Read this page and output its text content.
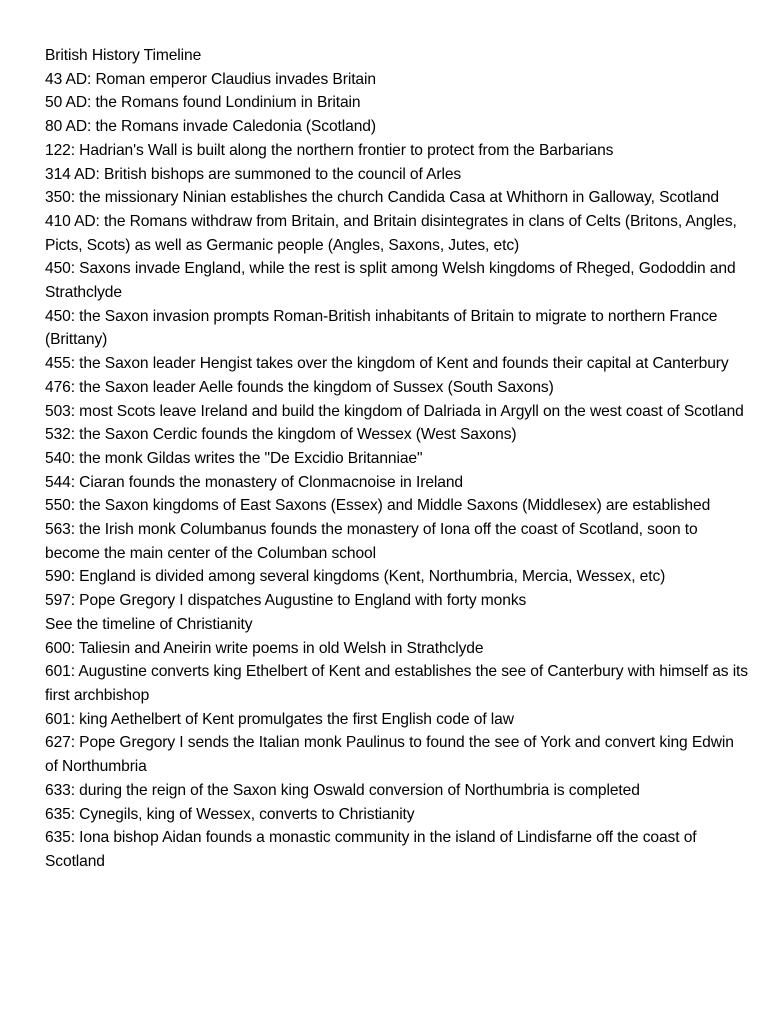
British History Timeline

43 AD: Roman emperor Claudius invades Britain

50 AD: the Romans found Londinium in Britain

80 AD: the Romans invade Caledonia (Scotland)

122: Hadrian's Wall is built along the northern frontier to protect from the Barbarians

314 AD: British bishops are summoned to the council of Arles

350: the missionary Ninian establishes the church Candida Casa at Whithorn in Galloway, Scotland

410 AD: the Romans withdraw from Britain, and Britain disintegrates in clans of Celts (Britons, Angles, Picts, Scots) as well as Germanic people (Angles, Saxons, Jutes, etc)

450: Saxons invade England, while the rest is split among Welsh kingdoms of Rheged, Gododdin and Strathclyde

450: the Saxon invasion prompts Roman-British inhabitants of Britain to migrate to northern France (Brittany)

455: the Saxon leader Hengist takes over the kingdom of Kent and founds their capital at Canterbury

476: the Saxon leader Aelle founds the kingdom of Sussex (South Saxons)

503: most Scots leave Ireland and build the kingdom of Dalriada in Argyll on the west coast of Scotland

532: the Saxon Cerdic founds the kingdom of Wessex (West Saxons)

540: the monk Gildas writes the "De Excidio Britanniae"

544: Ciaran founds the monastery of Clonmacnoise in Ireland

550: the Saxon kingdoms of East Saxons (Essex) and Middle Saxons (Middlesex) are established

563: the Irish monk Columbanus founds the monastery of Iona off the coast of Scotland, soon to become the main center of the Columban school

590: England is divided among several kingdoms (Kent, Northumbria, Mercia, Wessex, etc)

597: Pope Gregory I dispatches Augustine to England with forty monks

See the timeline of Christianity

600: Taliesin and Aneirin write poems in old Welsh in Strathclyde

601: Augustine converts king Ethelbert of Kent and establishes the see of Canterbury with himself as its first archbishop

601: king Aethelbert of Kent promulgates the first English code of law

627: Pope Gregory I sends the Italian monk Paulinus to found the see of York and convert king Edwin of Northumbria

633: during the reign of the Saxon king Oswald conversion of Northumbria is completed

635: Cynegils, king of Wessex, converts to Christianity

635: Iona bishop Aidan founds a monastic community in the island of Lindisfarne off the coast of Scotland
